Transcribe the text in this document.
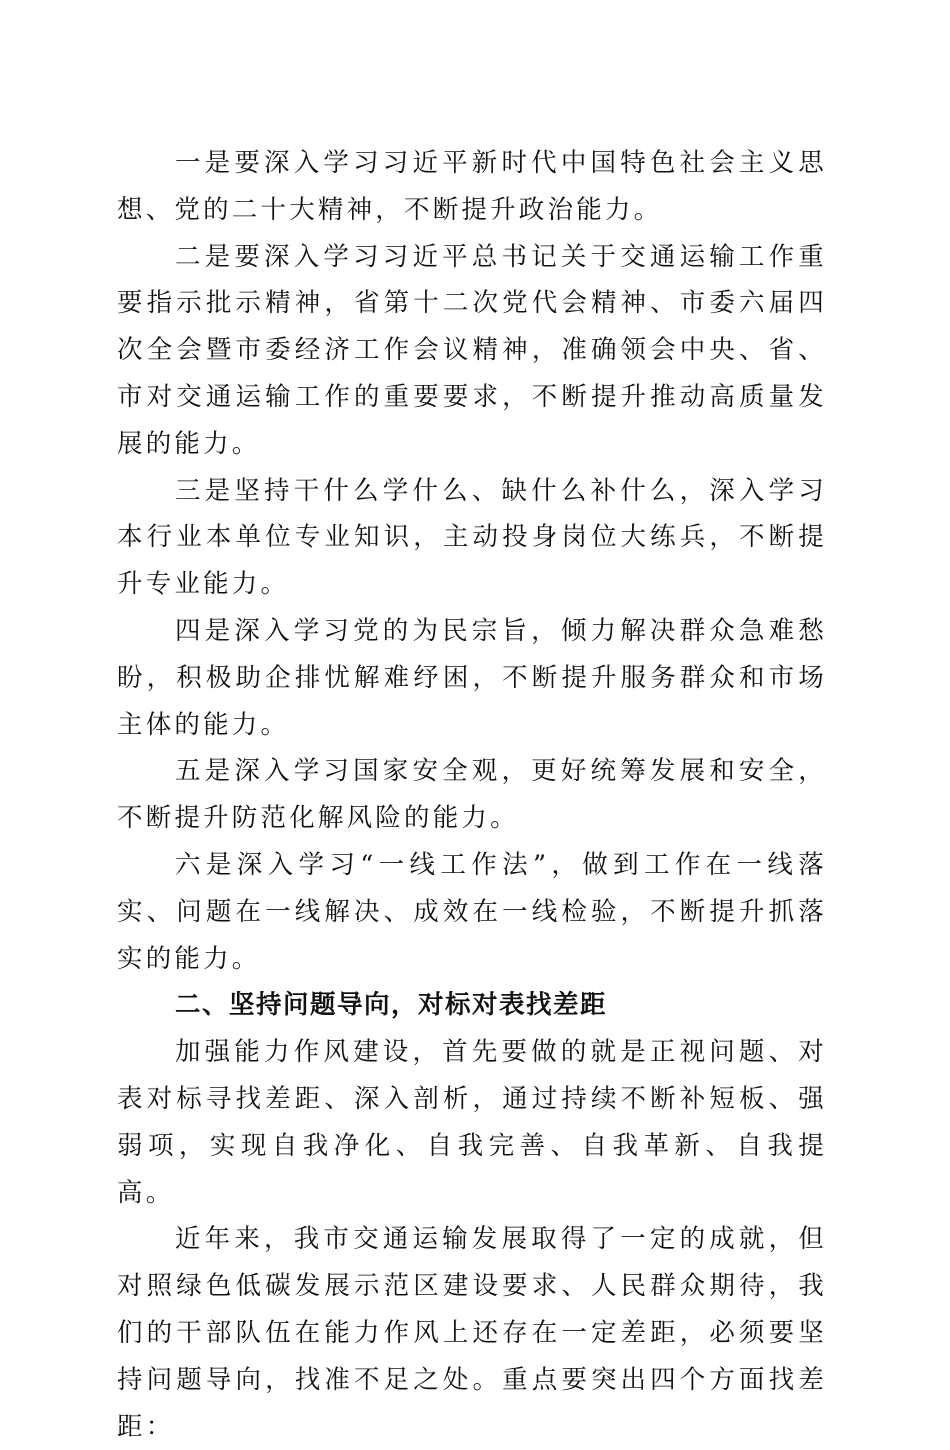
一是要深入学习习近平新时代中国特色社会主义思想、党的二十大精神，不断提升政治能力。

二是要深入学习习近平总书记关于交通运输工作重要指示批示精神，省第十二次党代会精神、市委六届四次全会暨市委经济工作会议精神，准确领会中央、省、市对交通运输工作的重要要求，不断提升推动高质量发展的能力。

三是坚持干什么学什么、缺什么补什么，深入学习本行业本单位专业知识，主动投身岗位大练兵，不断提升专业能力。

四是深入学习党的为民宗旨，倾力解决群众急难愁盼，积极助企排忧解难纾困，不断提升服务群众和市场主体的能力。

五是深入学习国家安全观，更好统筹发展和安全，不断提升防范化解风险的能力。

六是深入学习“一线工作法”，做到工作在一线落实、问题在一线解决、成效在一线检验，不断提升抓落实的能力。

二、坚持问题导向，对标对表找差距

加强能力作风建设，首先要做的就是正视问题、对表对标寻找差距、深入剖析，通过持续不断补短板、强弱项，实现自我净化、自我完善、自我革新、自我提高。

近年来，我市交通运输发展取得了一定的成就，但对照绿色低碳发展示范区建设要求、人民群众期待，我们的干部队伍在能力作风上还存在一定差距，必须要坚持问题导向，找准不足之处。重点要突出四个方面找差距：
